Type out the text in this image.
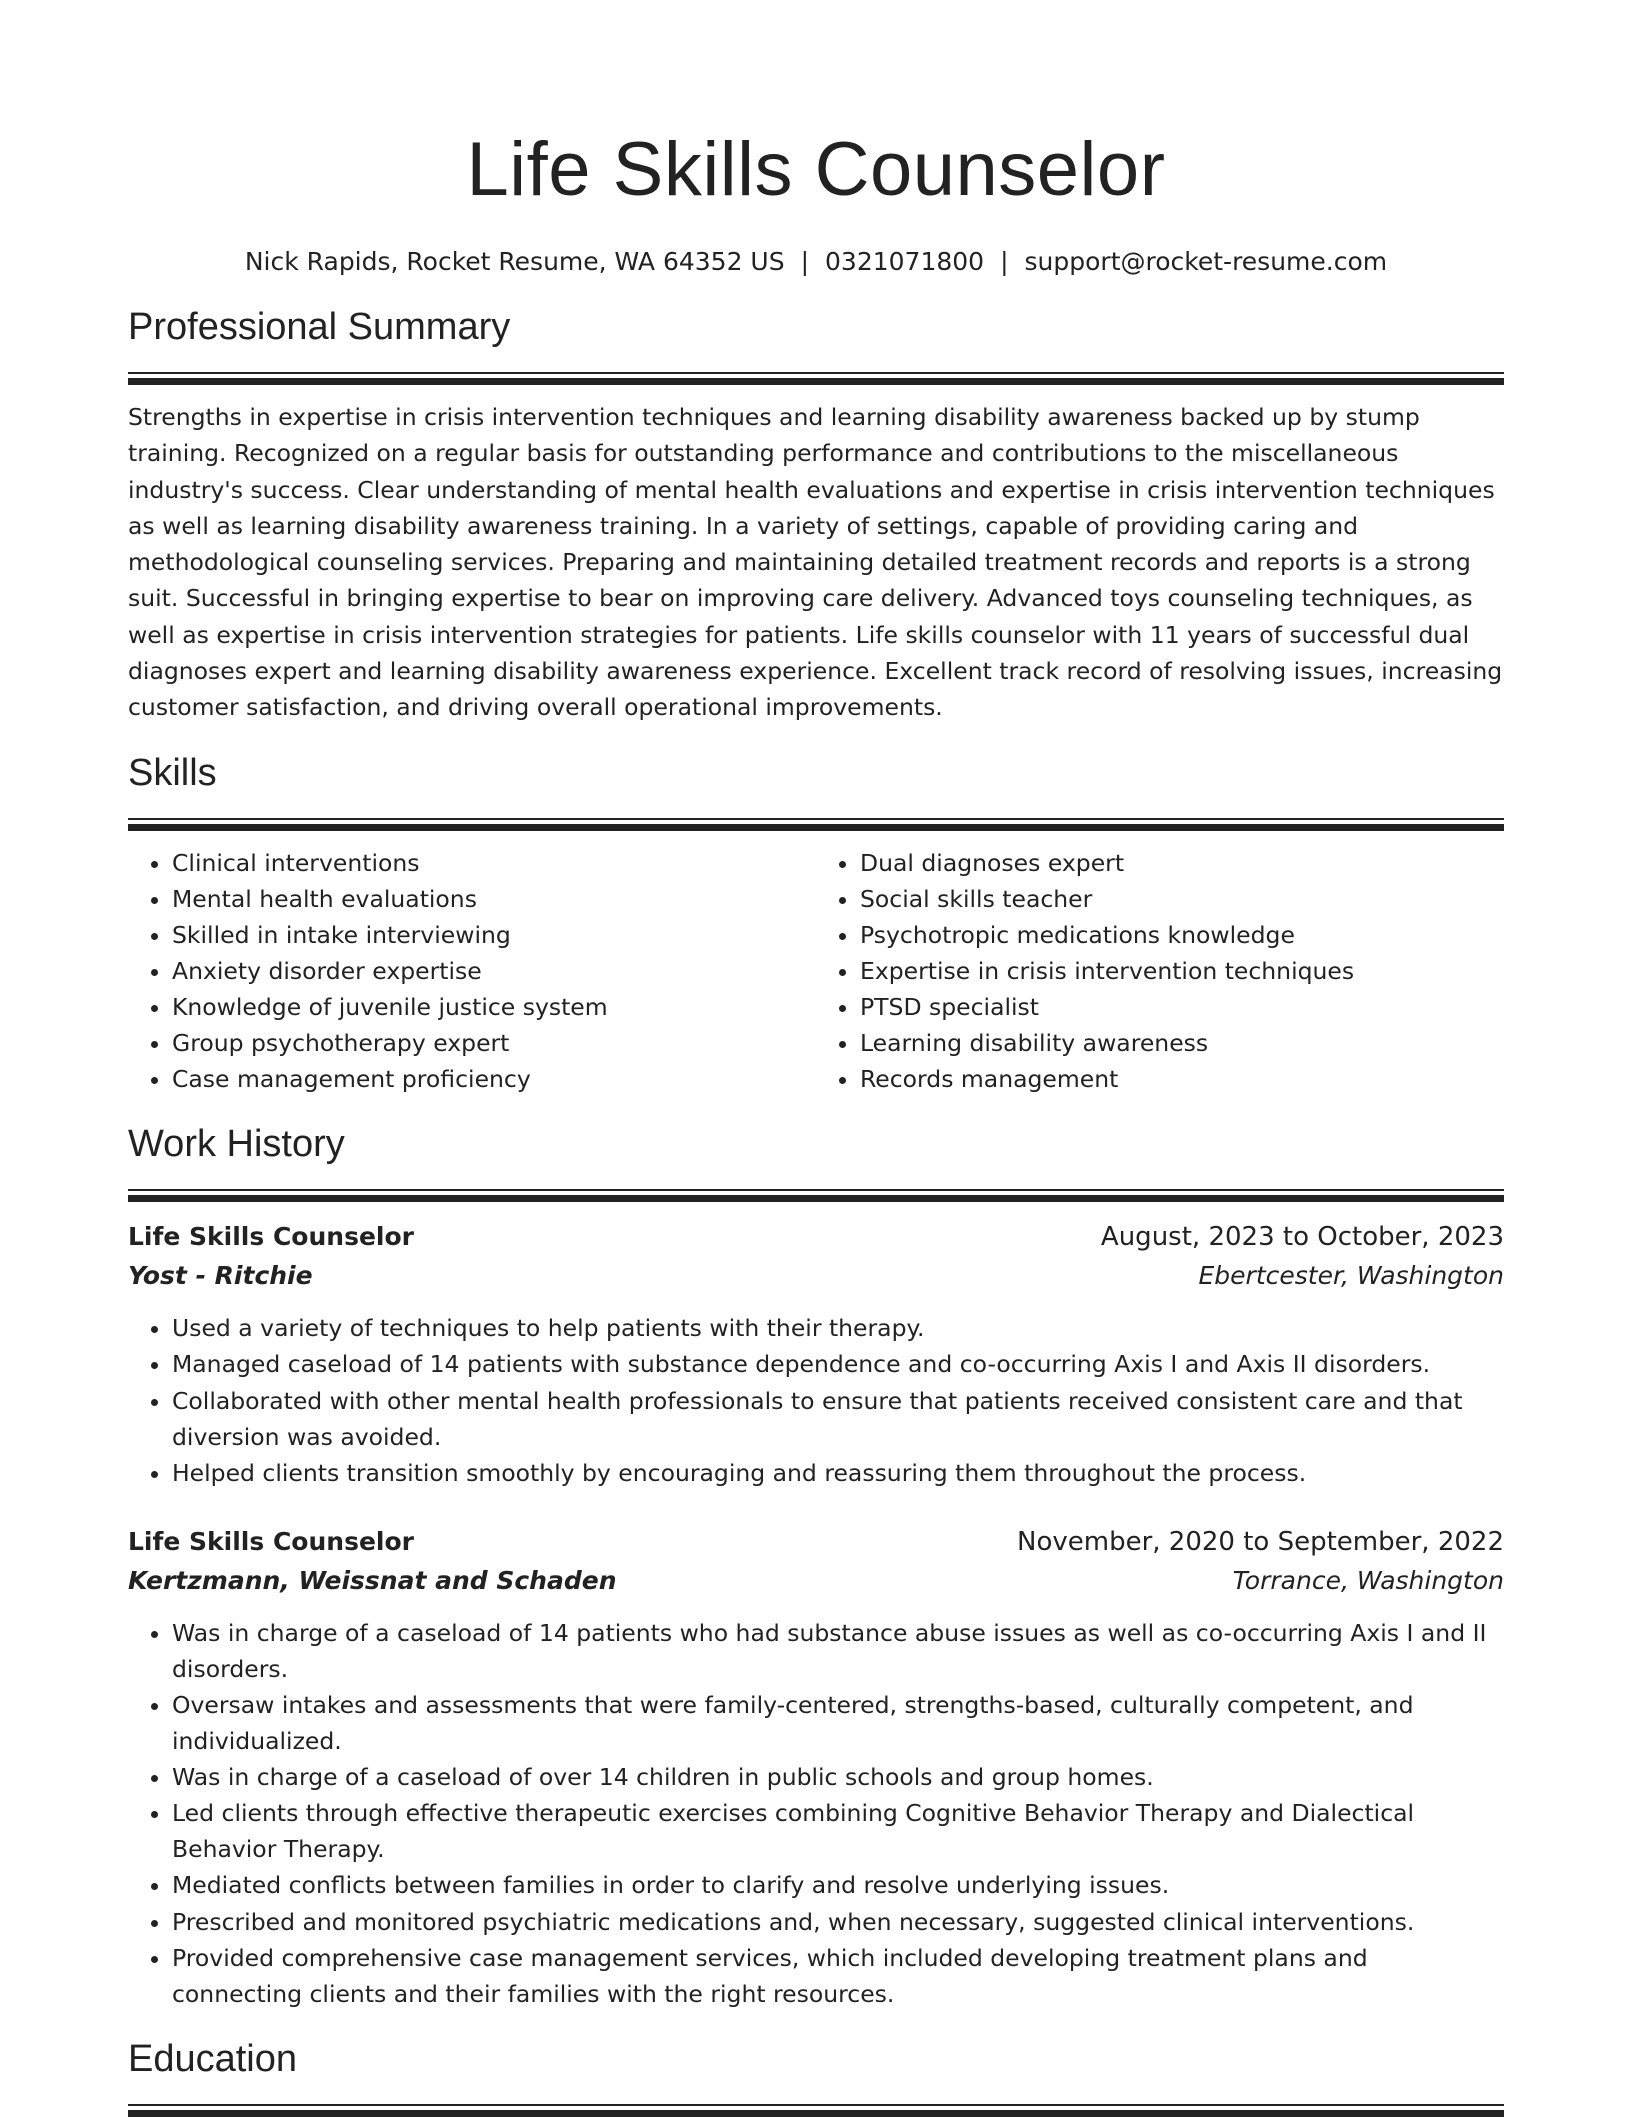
Life Skills Counselor
Nick Rapids, Rocket Resume, WA 64352 US | 0321071800 | support@rocket-resume.com
Professional Summary

Strengths in expertise in crisis intervention techniques and learning disability awareness backed up by stump training. Recognized on a regular basis for outstanding performance and contributions to the miscellaneous industry's success. Clear understanding of mental health evaluations and expertise in crisis intervention techniques as well as learning disability awareness training. In a variety of settings, capable of providing caring and methodological counseling services. Preparing and maintaining detailed treatment records and reports is a strong suit. Successful in bringing expertise to bear on improving care delivery. Advanced toys counseling techniques, as well as expertise in crisis intervention strategies for patients. Life skills counselor with 11 years of successful dual diagnoses expert and learning disability awareness experience. Excellent track record of resolving issues, increasing customer satisfaction, and driving overall operational improvements.

Skills
• Clinical interventions
• Mental health evaluations
• Skilled in intake interviewing
• Anxiety disorder expertise
• Knowledge of juvenile justice system
• Group psychotherapy expert
• Case management proficiency
• Dual diagnoses expert
• Social skills teacher
• Psychotropic medications knowledge
• Expertise in crisis intervention techniques
• PTSD specialist
• Learning disability awareness
• Records management
Work History
Life Skills Counselor	August, 2023 to October, 2023
Yost - Ritchie	Ebertcester, Washington
• Used a variety of techniques to help patients with their therapy.
• Managed caseload of 14 patients with substance dependence and co-occurring Axis I and Axis II disorders.
• Collaborated with other mental health professionals to ensure that patients received consistent care and that diversion was avoided.
• Helped clients transition smoothly by encouraging and reassuring them throughout the process.
Life Skills Counselor	November, 2020 to September, 2022
Kertzmann, Weissnat and Schaden	Torrance, Washington
• Was in charge of a caseload of 14 patients who had substance abuse issues as well as co-occurring Axis I and II disorders.
• Oversaw intakes and assessments that were family-centered, strengths-based, culturally competent, and individualized.
• Was in charge of a caseload of over 14 children in public schools and group homes.
• Led clients through effective therapeutic exercises combining Cognitive Behavior Therapy and Dialectical Behavior Therapy.
• Mediated conflicts between families in order to clarify and resolve underlying issues.
• Prescribed and monitored psychiatric medications and, when necessary, suggested clinical interventions.
• Provided comprehensive case management services, which included developing treatment plans and connecting clients and their families with the right resources.
Education
